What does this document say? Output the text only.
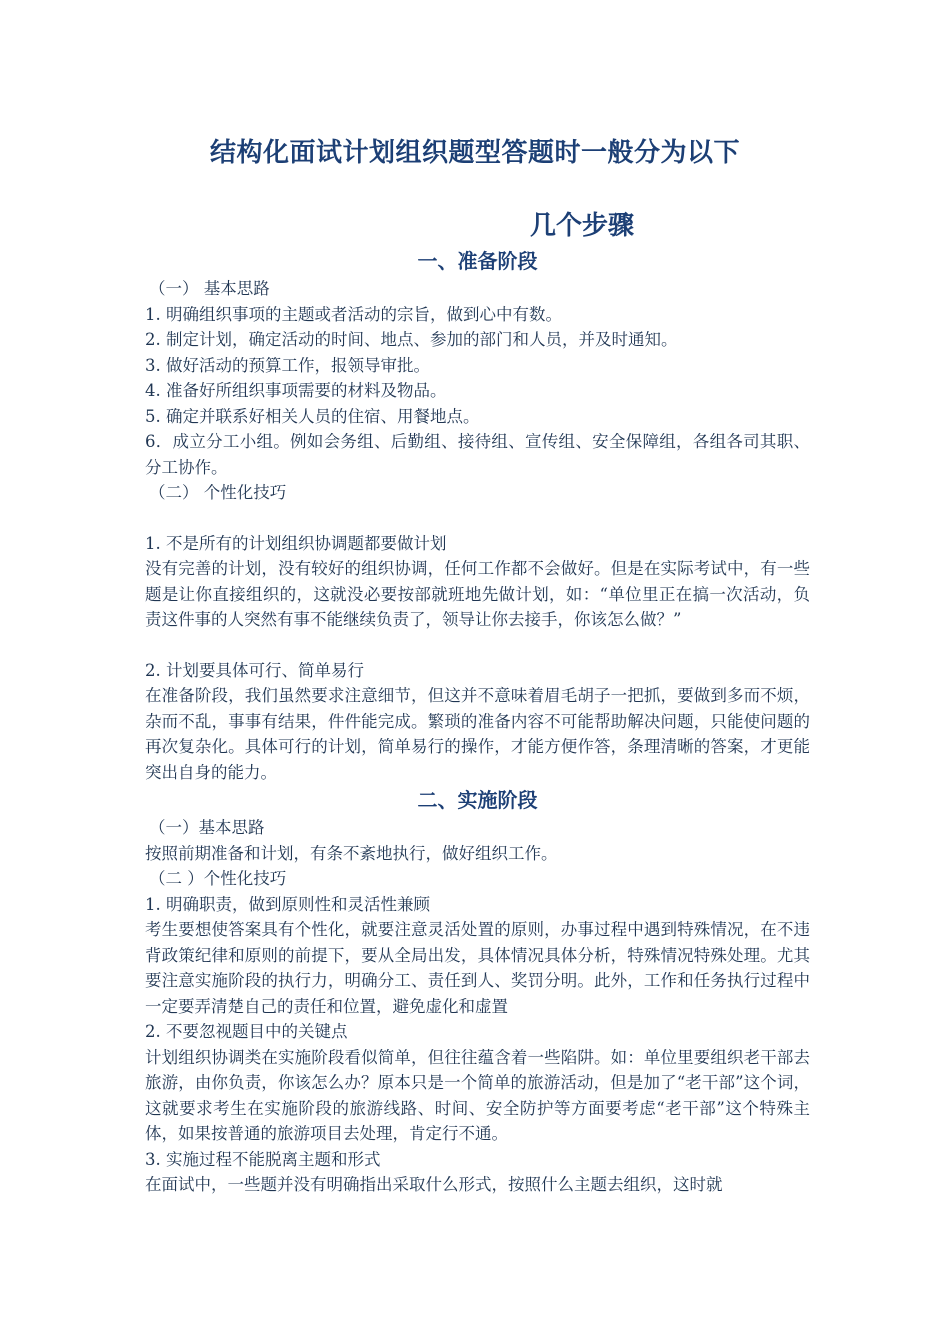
结构化面试计划组织题型答题时一般分为以下
几个步骤
一、准备阶段
（一） 基本思路
1. 明确组织事项的主题或者活动的宗旨，做到心中有数。
2. 制定计划，确定活动的时间、地点、参加的部门和人员，并及时通知。
3. 做好活动的预算工作，报领导审批。
4. 准备好所组织事项需要的材料及物品。
5. 确定并联系好相关人员的住宿、用餐地点。
6．成立分工小组。例如会务组、后勤组、接待组、宣传组、安全保障组，各组各司其职、分工协作。
（二） 个性化技巧
1. 不是所有的计划组织协调题都要做计划
没有完善的计划，没有较好的组织协调，任何工作都不会做好。但是在实际考试中，有一些题是让你直接组织的，这就没必要按部就班地先做计划，如：“单位里正在搞一次活动，负责这件事的人突然有事不能继续负责了，领导让你去接手，你该怎么做？”
2. 计划要具体可行、简单易行
在准备阶段，我们虽然要求注意细节，但这并不意味着眉毛胡子一把抓，要做到多而不烦，杂而不乱，事事有结果，件件能完成。繁琐的准备内容不可能帮助解决问题，只能使问题的再次复杂化。具体可行的计划，简单易行的操作，才能方便作答，条理清晰的答案，才更能突出自身的能力。
二、实施阶段
（一）基本思路
按照前期准备和计划，有条不紊地执行，做好组织工作。
（二 ）个性化技巧
1. 明确职责，做到原则性和灵活性兼顾
考生要想使答案具有个性化，就要注意灵活处置的原则，办事过程中遇到特殊情况，在不违背政策纪律和原则的前提下，要从全局出发，具体情况具体分析，特殊情况特殊处理。尤其要注意实施阶段的执行力，明确分工、责任到人、奖罚分明。此外，工作和任务执行过程中一定要弄清楚自己的责任和位置，避免虚化和虚置
2. 不要忽视题目中的关键点
计划组织协调类在实施阶段看似简单，但往往蕴含着一些陷阱。如：单位里要组织老干部去旅游，由你负责，你该怎么办？原本只是一个简单的旅游活动，但是加了“老干部”这个词，这就要求考生在实施阶段的旅游线路、时间、安全防护等方面要考虑“老干部”这个特殊主体，如果按普通的旅游项目去处理，肯定行不通。
3. 实施过程不能脱离主题和形式
在面试中，一些题并没有明确指出采取什么形式，按照什么主题去组织，这时就
